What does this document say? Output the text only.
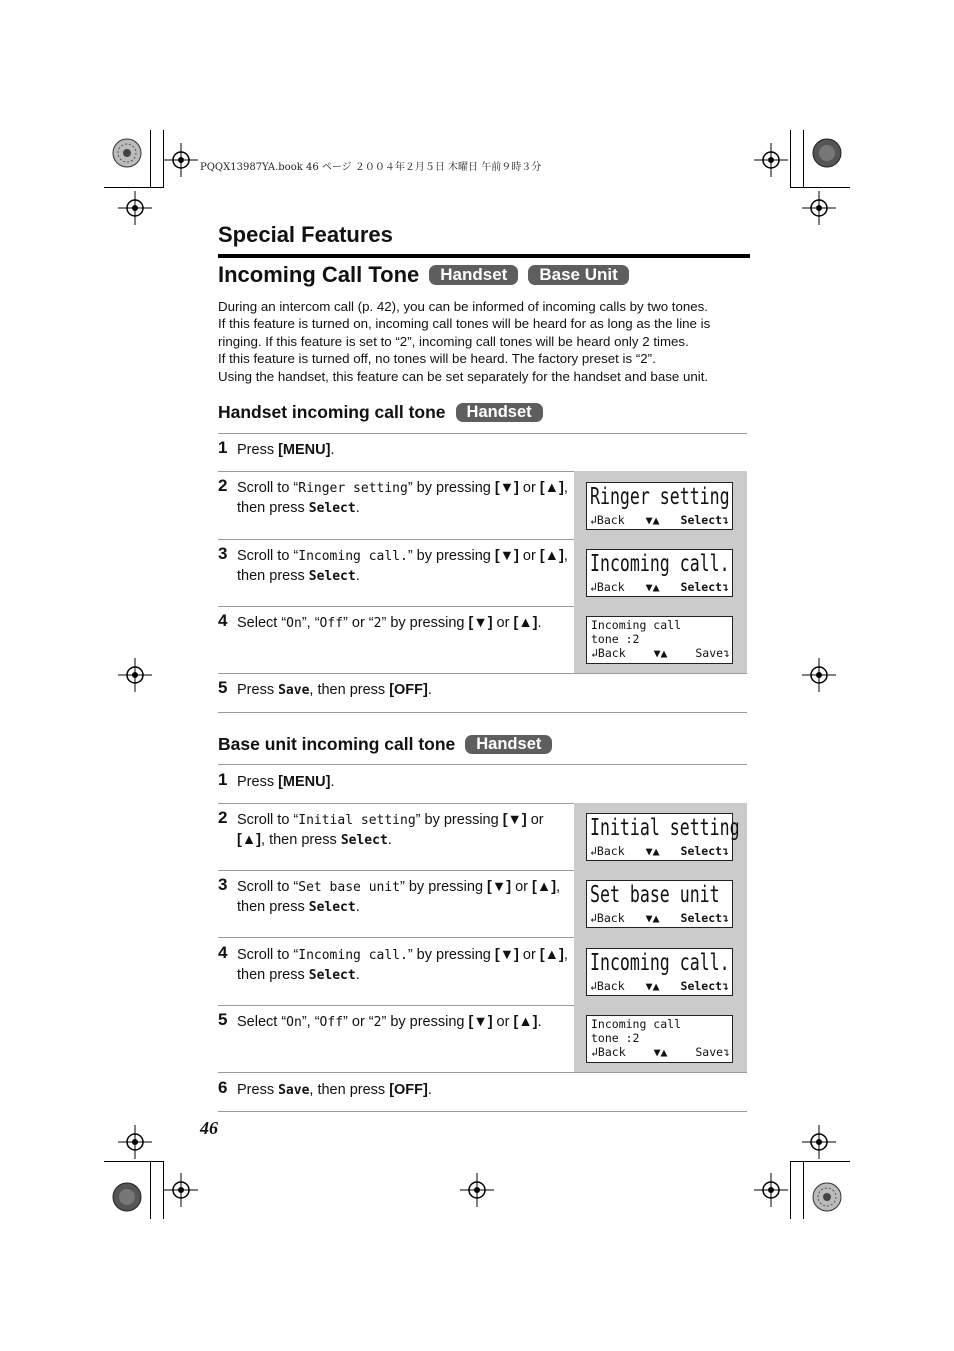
PQQX13987YA.book 46 ページ ２００４年２月５日 木曜日 午前９時３分
Special Features
Incoming Call Tone	Handset	Base Unit

During an intercom call (p. 42), you can be informed of incoming calls by two tones.

If this feature is turned on, incoming call tones will be heard for as long as the line is

ringing. If this feature is set to “2”, incoming call tones will be heard only 2 times.

If this feature is turned off, no tones will be heard. The factory preset is “2”.

Using the handset, this feature can be set separately for the handset and base unit.

Handset incoming call tone	Handset
1 Press [MENU].
2 Scroll to “Ringer setting” by pressing [▼] or [▲], then press Select.	Ringer setting
↲Back ▼▲ Select↴
3 Scroll to “Incoming call.” by pressing [▼] or [▲], then press Select.	Incoming call.
↲Back ▼▲ Select↴
4 Select “On”, “Off” or “2” by pressing [▼] or [▲].	Incoming call
tone :2
↲Back ▼▲ Save↴
5 Press Save, then press [OFF].
Base unit incoming call tone	Handset
1 Press [MENU].
2 Scroll to “Initial setting” by pressing [▼] or [▲], then press Select.	Initial setting
↲Back ▼▲ Select↴
3 Scroll to “Set base unit” by pressing [▼] or [▲], then press Select.	Set base unit
↲Back ▼▲ Select↴
4 Scroll to “Incoming call.” by pressing [▼] or [▲], then press Select.	Incoming call.
↲Back ▼▲ Select↴
5 Select “On”, “Off” or “2” by pressing [▼] or [▲].	Incoming call
tone :2
↲Back ▼▲ Save↴
6 Press Save, then press [OFF].
46
